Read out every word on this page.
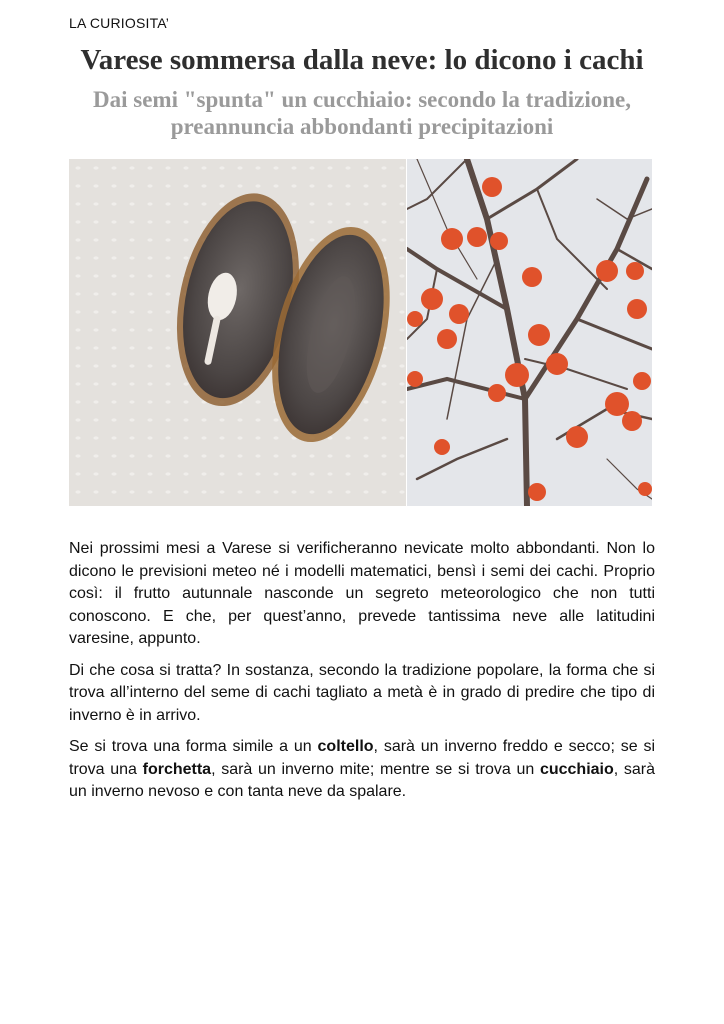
LA CURIOSITA’
Varese sommersa dalla neve: lo dicono i cachi
Dai semi "spunta" un cucchiaio: secondo la tradizione, preannuncia abbondanti precipitazioni

Nei prossimi mesi a Varese si verificheranno nevicate molto abbondanti. Non lo dicono le previsioni meteo né i modelli matematici, bensì i semi dei cachi. Proprio così: il frutto autunnale nasconde un segreto meteorologico che non tutti conoscono. E che, per quest’anno, prevede tantissima neve alle latitudini varesine, appunto.

Di che cosa si tratta? In sostanza, secondo la tradizione popolare, la forma che si trova all’interno del seme di cachi tagliato a metà è in grado di predire che tipo di inverno è in arrivo.

Se si trova una forma simile a un coltello, sarà un inverno freddo e secco; se si trova una forchetta, sarà un inverno mite; mentre se si trova un cucchiaio, sarà un inverno nevoso e con tanta neve da spalare.
